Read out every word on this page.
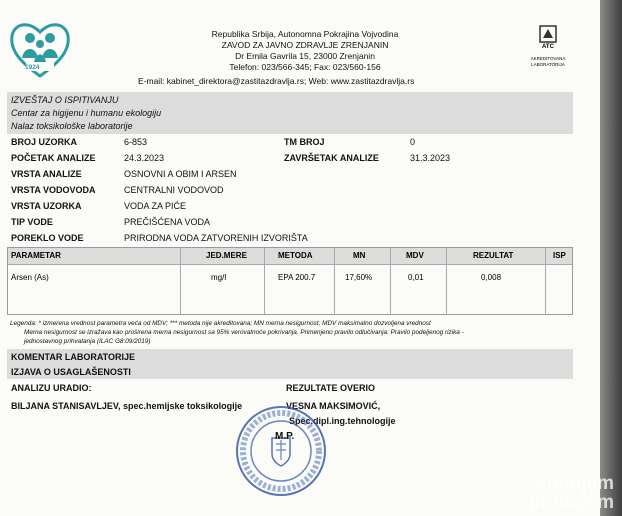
1924
Republika Srbija, Autonomna Pokrajina Vojvodina
ZAVOD ZA JAVNO ZDRAVLJE ZRENJANIN
Dr Emila Gavrila 15, 23000 Zrenjanin
Telefon: 023/566-345; Fax: 023/560-156
E-mail: kabinet_direktora@zastitazdravlja.rs; Web: www.zastitazdravlja.rs
ATC
AKREDITOVANA LABORATORIJA
IZVEŠTAJ O ISPITIVANJU
Centar za higijenu i humanu ekologiju
Nalaz toksikološke laboratorije
BROJ UZORKA	6-853	TM BROJ	0
POČETAK ANALIZE	24.3.2023	ZAVRŠETAK ANALIZE	31.3.2023
VRSTA ANALIZE	OSNOVNI A OBIM I ARSEN
VRSTA VODOVODA	CENTRALNI VODOVOD
VRSTA UZORKA	VODA ZA PIĆE
TIP VODE	PREČIŠĆENA VODA
POREKLO VODE	PRIRODNA VODA ZATVORENIH IZVORIŠTA
PARAMETAR	JED.MERE	METODA	MN	MDV	REZULTAT	ISP
Arsen (As)	mg/l	EPA 200.7	17,60%	0,01	0,008
Legenda: * izmerena vrednost parametra veća od MDV; *** metoda nije akreditovana; MN merna nesigurnost; MDV maksimalno dozvoljena vrednost
Merna nesigurnost se izražava kao proširena merna nesigurnost sa 95% verovatnoće pokrivanja. Primenjeno pravilo odlučivanja: Pravilo podeljenog rizika -
jednostavnog prihvatanja (ILAC G8:09/2019)
KOMENTAR LABORATORIJE
IZJAVA O USAGLAŠENOSTI
ANALIZU URADIO:	REZULTATE OVERIO
BILJANA STANISAVLJEV, spec.hemijske toksikologije	VESNA MAKSIMOVIĆ,
Spec.dipl.ing.tehnologije
M.P.
kupujem
prodajem
